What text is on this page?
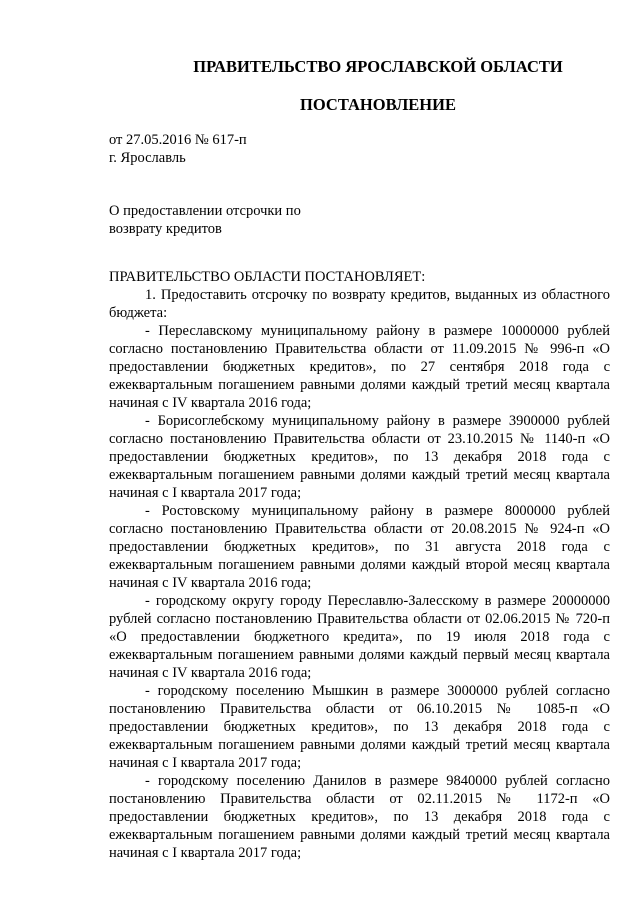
ПРАВИТЕЛЬСТВО ЯРОСЛАВСКОЙ ОБЛАСТИ
ПОСТАНОВЛЕНИЕ
от 27.05.2016 № 617-п
г. Ярославль
О предоставлении отсрочки по
возврату кредитов

ПРАВИТЕЛЬСТВО ОБЛАСТИ ПОСТАНОВЛЯЕТ:

1. Предоставить отсрочку по возврату кредитов, выданных из областного бюджета:

- Переславскому муниципальному району в размере 10000000 рублей согласно постановлению Правительства области от 11.09.2015 № 996-п «О предоставлении бюджетных кредитов», по 27 сентября 2018 года с ежеквартальным погашением равными долями каждый третий месяц квартала начиная с IV квартала 2016 года;

- Борисоглебскому муниципальному району в размере 3900000 рублей согласно постановлению Правительства области от 23.10.2015 № 1140-п «О предоставлении бюджетных кредитов», по 13 декабря 2018 года с ежеквартальным погашением равными долями каждый третий месяц квартала начиная с I квартала 2017 года;

- Ростовскому муниципальному району в размере 8000000 рублей согласно постановлению Правительства области от 20.08.2015 № 924-п «О предоставлении бюджетных кредитов», по 31 августа 2018 года с ежеквартальным погашением равными долями каждый второй месяц квартала начиная с IV квартала 2016 года;

- городскому округу городу Переславлю-Залесскому в размере 20000000 рублей согласно постановлению Правительства области от 02.06.2015 № 720-п «О предоставлении бюджетного кредита», по 19 июля 2018 года с ежеквартальным погашением равными долями каждый первый месяц квартала начиная с IV квартала 2016 года;

- городскому поселению Мышкин в размере 3000000 рублей согласно постановлению Правительства области от 06.10.2015 № 1085-п «О предоставлении бюджетных кредитов», по 13 декабря 2018 года с ежеквартальным погашением равными долями каждый третий месяц квартала начиная с I квартала 2017 года;

- городскому поселению Данилов в размере 9840000 рублей согласно постановлению Правительства области от 02.11.2015 № 1172-п «О предоставлении бюджетных кредитов», по 13 декабря 2018 года с ежеквартальным погашением равными долями каждый третий месяц квартала начиная с I квартала 2017 года;
